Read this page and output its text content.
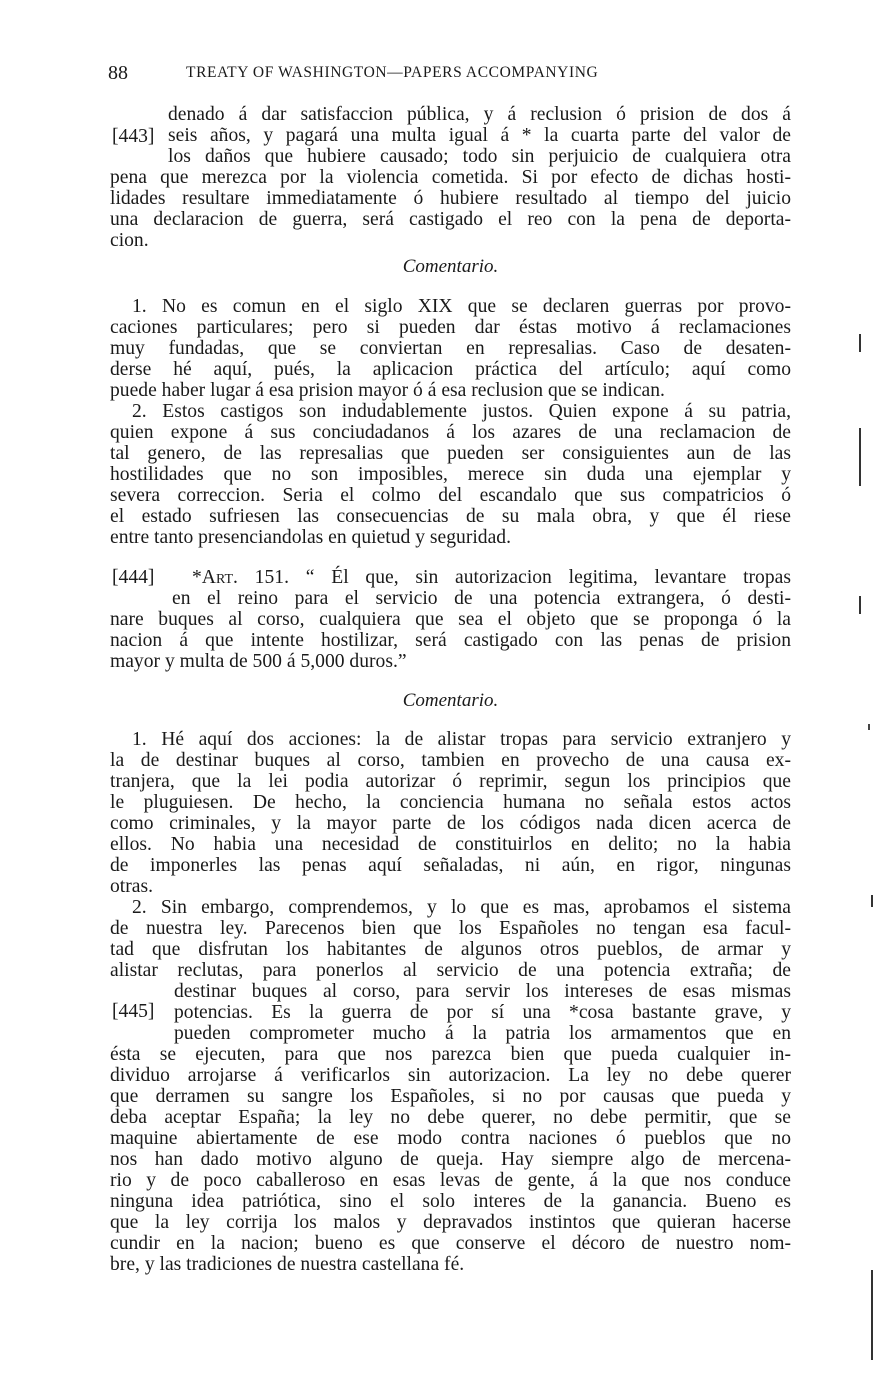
88	TREATY OF WASHINGTON—PAPERS ACCOMPANYING
[443]
denado á dar satisfaccion pública, y á reclusion ó prision de dos á
seis años, y pagará una multa igual á * la cuarta parte del valor de
los daños que hubiere causado; todo sin perjuicio de cualquiera otra
pena que merezca por la violencia cometida. Si por efecto de dichas hosti-
lidades resultare immediatamente ó hubiere resultado al tiempo del juicio
una declaracion de guerra, será castigado el reo con la pena de deporta-
cion.
Comentario.
1. No es comun en el siglo XIX que se declaren guerras por provo-
caciones particulares; pero si pueden dar éstas motivo á reclamaciones
muy fundadas, que se conviertan en represalias. Caso de desaten-
derse hé aquí, pués, la aplicacion práctica del artículo; aquí como
puede haber lugar á esa prision mayor ó á esa reclusion que se indican.
2. Estos castigos son indudablemente justos. Quien expone á su patria,
quien expone á sus conciudadanos á los azares de una reclamacion de
tal genero, de las represalias que pueden ser consiguientes aun de las
hostilidades que no son imposibles, merece sin duda una ejemplar y
severa correccion. Seria el colmo del escandalo que sus compatricios ó
el estado sufriesen las consecuencias de su mala obra, y que él riese
entre tanto presenciandolas en quietud y seguridad.
*Art. 151. “ Él que, sin autorizacion legitima, levantare tropas
en el reino para el servicio de una potencia extrangera, ó desti-
nare buques al corso, cualquiera que sea el objeto que se proponga ó la
nacion á que intente hostilizar, será castigado con las penas de prision
mayor y multa de 500 á 5,000 duros.”
[444]
Comentario.
1. Hé aquí dos acciones: la de alistar tropas para servicio extranjero y
la de destinar buques al corso, tambien en provecho de una causa ex-
tranjera, que la lei podia autorizar ó reprimir, segun los principios que
le pluguiesen. De hecho, la conciencia humana no señala estos actos
como criminales, y la mayor parte de los códigos nada dicen acerca de
ellos. No habia una necesidad de constituirlos en delito; no la habia
de imponerles las penas aquí señaladas, ni aún, en rigor, ningunas
otras.
2. Sin embargo, comprendemos, y lo que es mas, aprobamos el sistema
de nuestra ley. Parecenos bien que los Españoles no tengan esa facul-
tad que disfrutan los habitantes de algunos otros pueblos, de armar y
alistar reclutas, para ponerlos al servicio de una potencia extraña; de
destinar buques al corso, para servir los intereses de esas mismas
potencias. Es la guerra de por sí una *cosa bastante grave, y
pueden comprometer mucho á la patria los armamentos que en
ésta se ejecuten, para que nos parezca bien que pueda cualquier in-
dividuo arrojarse á verificarlos sin autorizacion. La ley no debe querer
que derramen su sangre los Españoles, si no por causas que pueda y
deba aceptar España; la ley no debe querer, no debe permitir, que se
maquine abiertamente de ese modo contra naciones ó pueblos que no
nos han dado motivo alguno de queja. Hay siempre algo de mercena-
rio y de poco caballeroso en esas levas de gente, á la que nos conduce
ninguna idea patriótica, sino el solo interes de la ganancia. Bueno es
que la ley corrija los malos y depravados instintos que quieran hacerse
cundir en la nacion; bueno es que conserve el décoro de nuestro nom-
bre, y las tradiciones de nuestra castellana fé.
[445]
